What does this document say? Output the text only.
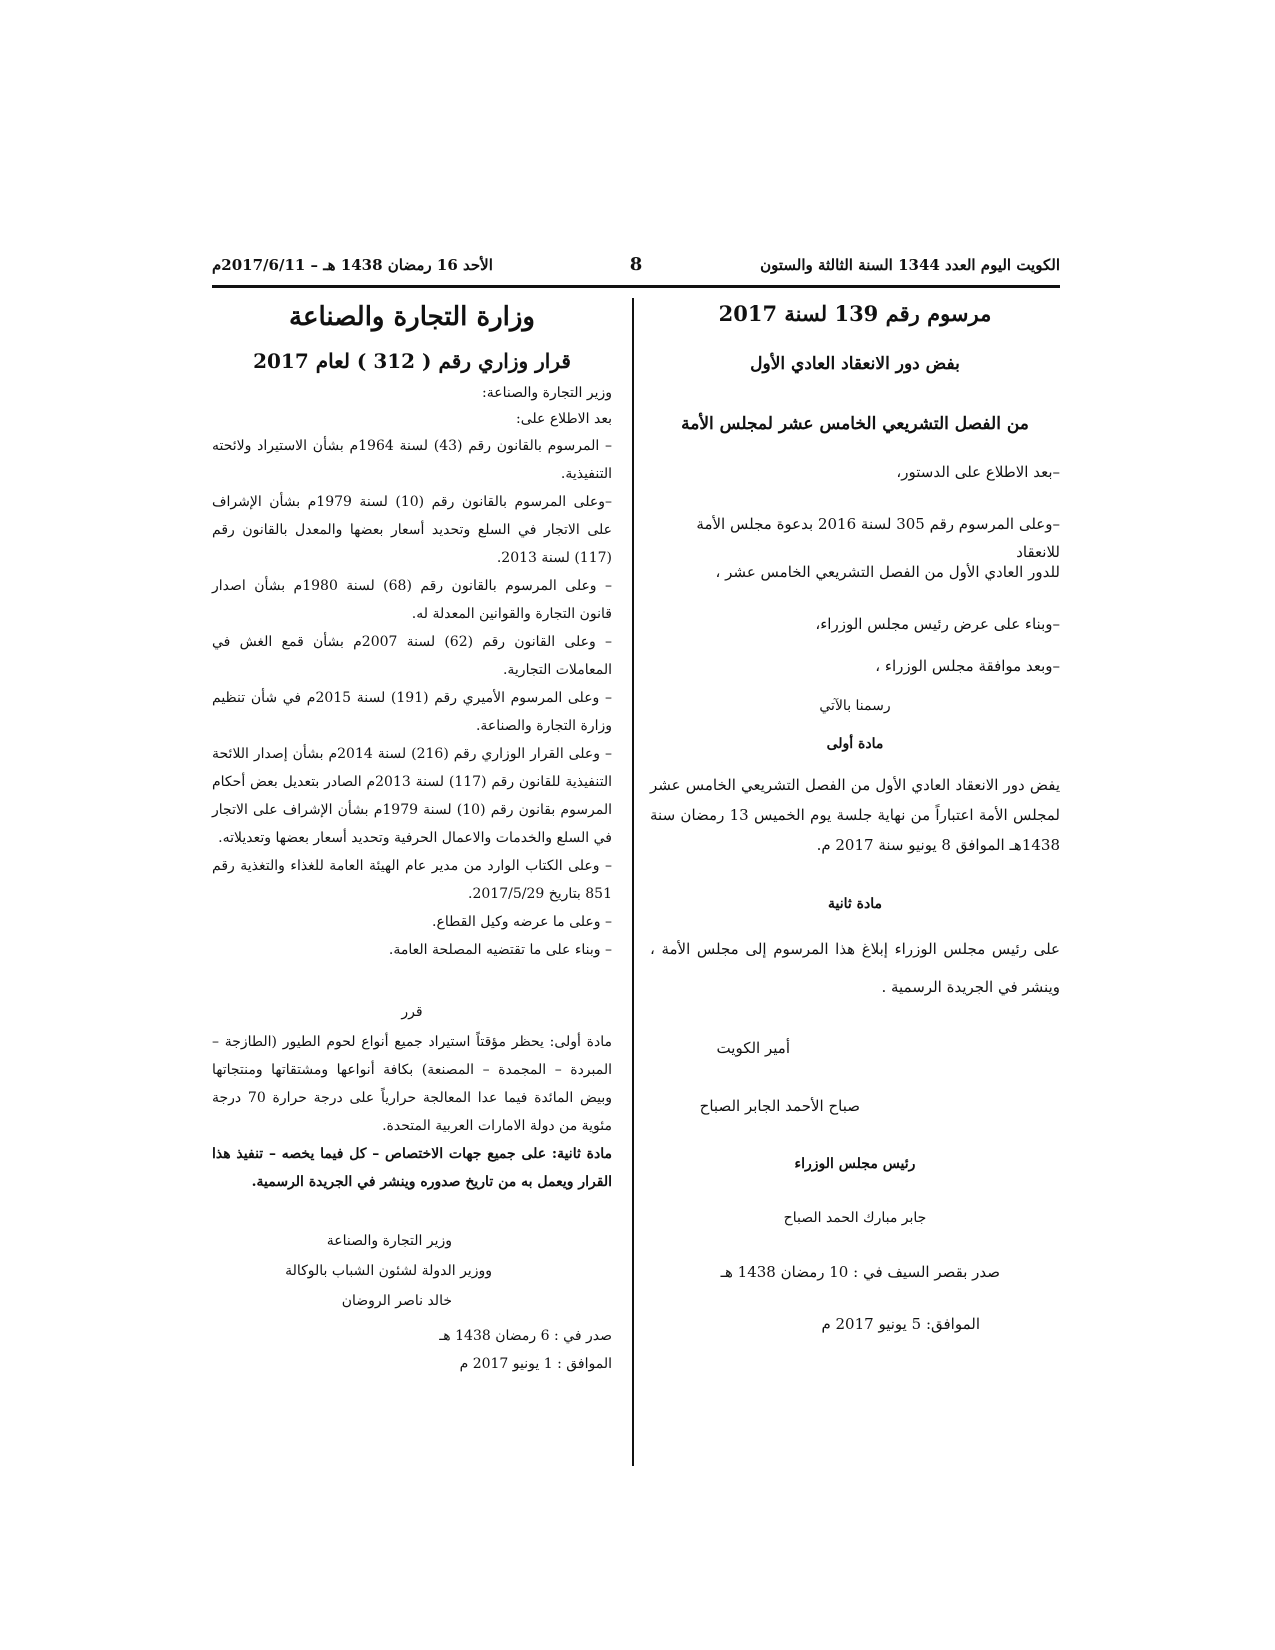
الكويت اليوم العدد 1344 السنة الثالثة والستون
8
الأحد 16 رمضان 1438 هـ – 2017/6/11م
مرسوم رقم 139 لسنة 2017
بفض دور الانعقاد العادي الأول
من الفصل التشريعي الخامس عشر لمجلس الأمة
–بعد الاطلاع على الدستور،
–وعلى المرسوم رقم 305 لسنة 2016 بدعوة مجلس الأمة للانعقاد
للدور العادي الأول من الفصل التشريعي الخامس عشر ،
–وبناء على عرض رئيس مجلس الوزراء،
–وبعد موافقة مجلس الوزراء ،
رسمنا بالآتي
مادة أولى
يفض دور الانعقاد العادي الأول من الفصل التشريعي الخامس عشر لمجلس الأمة اعتباراً من نهاية جلسة يوم الخميس 13 رمضان سنة 1438هـ الموافق 8 يونيو سنة 2017 م.
مادة ثانية
على رئيس مجلس الوزراء إبلاغ هذا المرسوم إلى مجلس الأمة ، وينشر في الجريدة الرسمية .
أمير الكويت
صباح الأحمد الجابر الصباح
رئيس مجلس الوزراء
جابر مبارك الحمد الصباح
صدر بقصر السيف في : 10 رمضان 1438 هـ
الموافق: 5 يونيو 2017 م
وزارة التجارة والصناعة
قرار وزاري رقم ( 312 ) لعام 2017
وزير التجارة والصناعة:
بعد الاطلاع على:

– المرسوم بالقانون رقم (43) لسنة 1964م بشأن الاستيراد ولائحته التنفيذية.

–وعلى المرسوم بالقانون رقم (10) لسنة 1979م بشأن الإشراف على الاتجار في السلع وتحديد أسعار بعضها والمعدل بالقانون رقم (117) لسنة 2013.

– وعلى المرسوم بالقانون رقم (68) لسنة 1980م بشأن اصدار قانون التجارة والقوانين المعدلة له.

– وعلى القانون رقم (62) لسنة 2007م بشأن قمع الغش في المعاملات التجارية.

– وعلى المرسوم الأميري رقم (191) لسنة 2015م في شأن تنظيم وزارة التجارة والصناعة.

– وعلى القرار الوزاري رقم (216) لسنة 2014م بشأن إصدار اللائحة التنفيذية للقانون رقم (117) لسنة 2013م الصادر بتعديل بعض أحكام المرسوم بقانون رقم (10) لسنة 1979م بشأن الإشراف على الاتجار في السلع والخدمات والاعمال الحرفية وتحديد أسعار بعضها وتعديلاته.

– وعلى الكتاب الوارد من مدير عام الهيئة العامة للغذاء والتغذية رقم 851 بتاريخ 2017/5/29.

– وعلى ما عرضه وكيل القطاع.

– وبناء على ما تقتضيه المصلحة العامة.

قرر

مادة أولى: يحظر مؤقتاً استيراد جميع أنواع لحوم الطيور (الطازجة – المبردة – المجمدة – المصنعة) بكافة أنواعها ومشتقاتها ومنتجاتها وبيض المائدة فيما عدا المعالجة حرارياً على درجة حرارة 70 درجة مئوية من دولة الامارات العربية المتحدة.

مادة ثانية: على جميع جهات الاختصاص – كل فيما يخصه – تنفيذ هذا القرار ويعمل به من تاريخ صدوره وينشر في الجريدة الرسمية.

وزير التجارة والصناعة
ووزير الدولة لشئون الشباب بالوكالة
خالد ناصر الروضان
صدر في : 6 رمضان 1438 هـ
الموافق : 1 يونيو 2017 م
